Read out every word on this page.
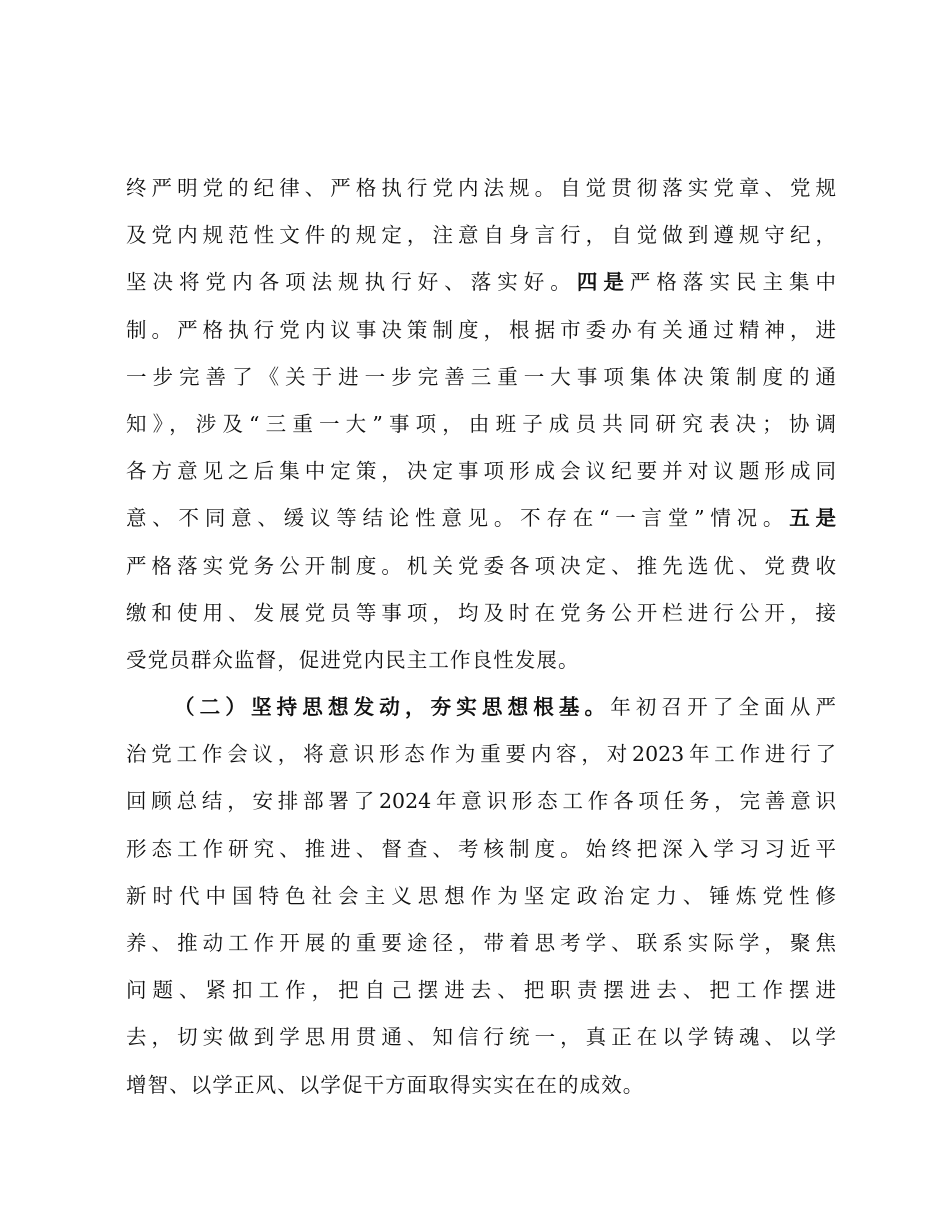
终严明党的纪律、严格执行党内法规。自觉贯彻落实党章、党规
及党内规范性文件的规定，注意自身言行，自觉做到遵规守纪，
坚决将党内各项法规执行好、落实好。四是严格落实民主集中
制。严格执行党内议事决策制度，根据市委办有关通过精神，进
一步完善了《关于进一步完善三重一大事项集体决策制度的通
知》，涉及“三重一大”事项，由班子成员共同研究表决；协调
各方意见之后集中定策，决定事项形成会议纪要并对议题形成同
意、不同意、缓议等结论性意见。不存在“一言堂”情况。五是
严格落实党务公开制度。机关党委各项决定、推先选优、党费收
缴和使用、发展党员等事项，均及时在党务公开栏进行公开，接
受党员群众监督，促进党内民主工作良性发展。
（二）坚持思想发动，夯实思想根基。年初召开了全面从严
治党工作会议，将意识形态作为重要内容，对2023年工作进行了
回顾总结，安排部署了2024年意识形态工作各项任务，完善意识
形态工作研究、推进、督查、考核制度。始终把深入学习习近平
新时代中国特色社会主义思想作为坚定政治定力、锤炼党性修
养、推动工作开展的重要途径，带着思考学、联系实际学，聚焦
问题、紧扣工作，把自己摆进去、把职责摆进去、把工作摆进
去，切实做到学思用贯通、知信行统一，真正在以学铸魂、以学
增智、以学正风、以学促干方面取得实实在在的成效。
